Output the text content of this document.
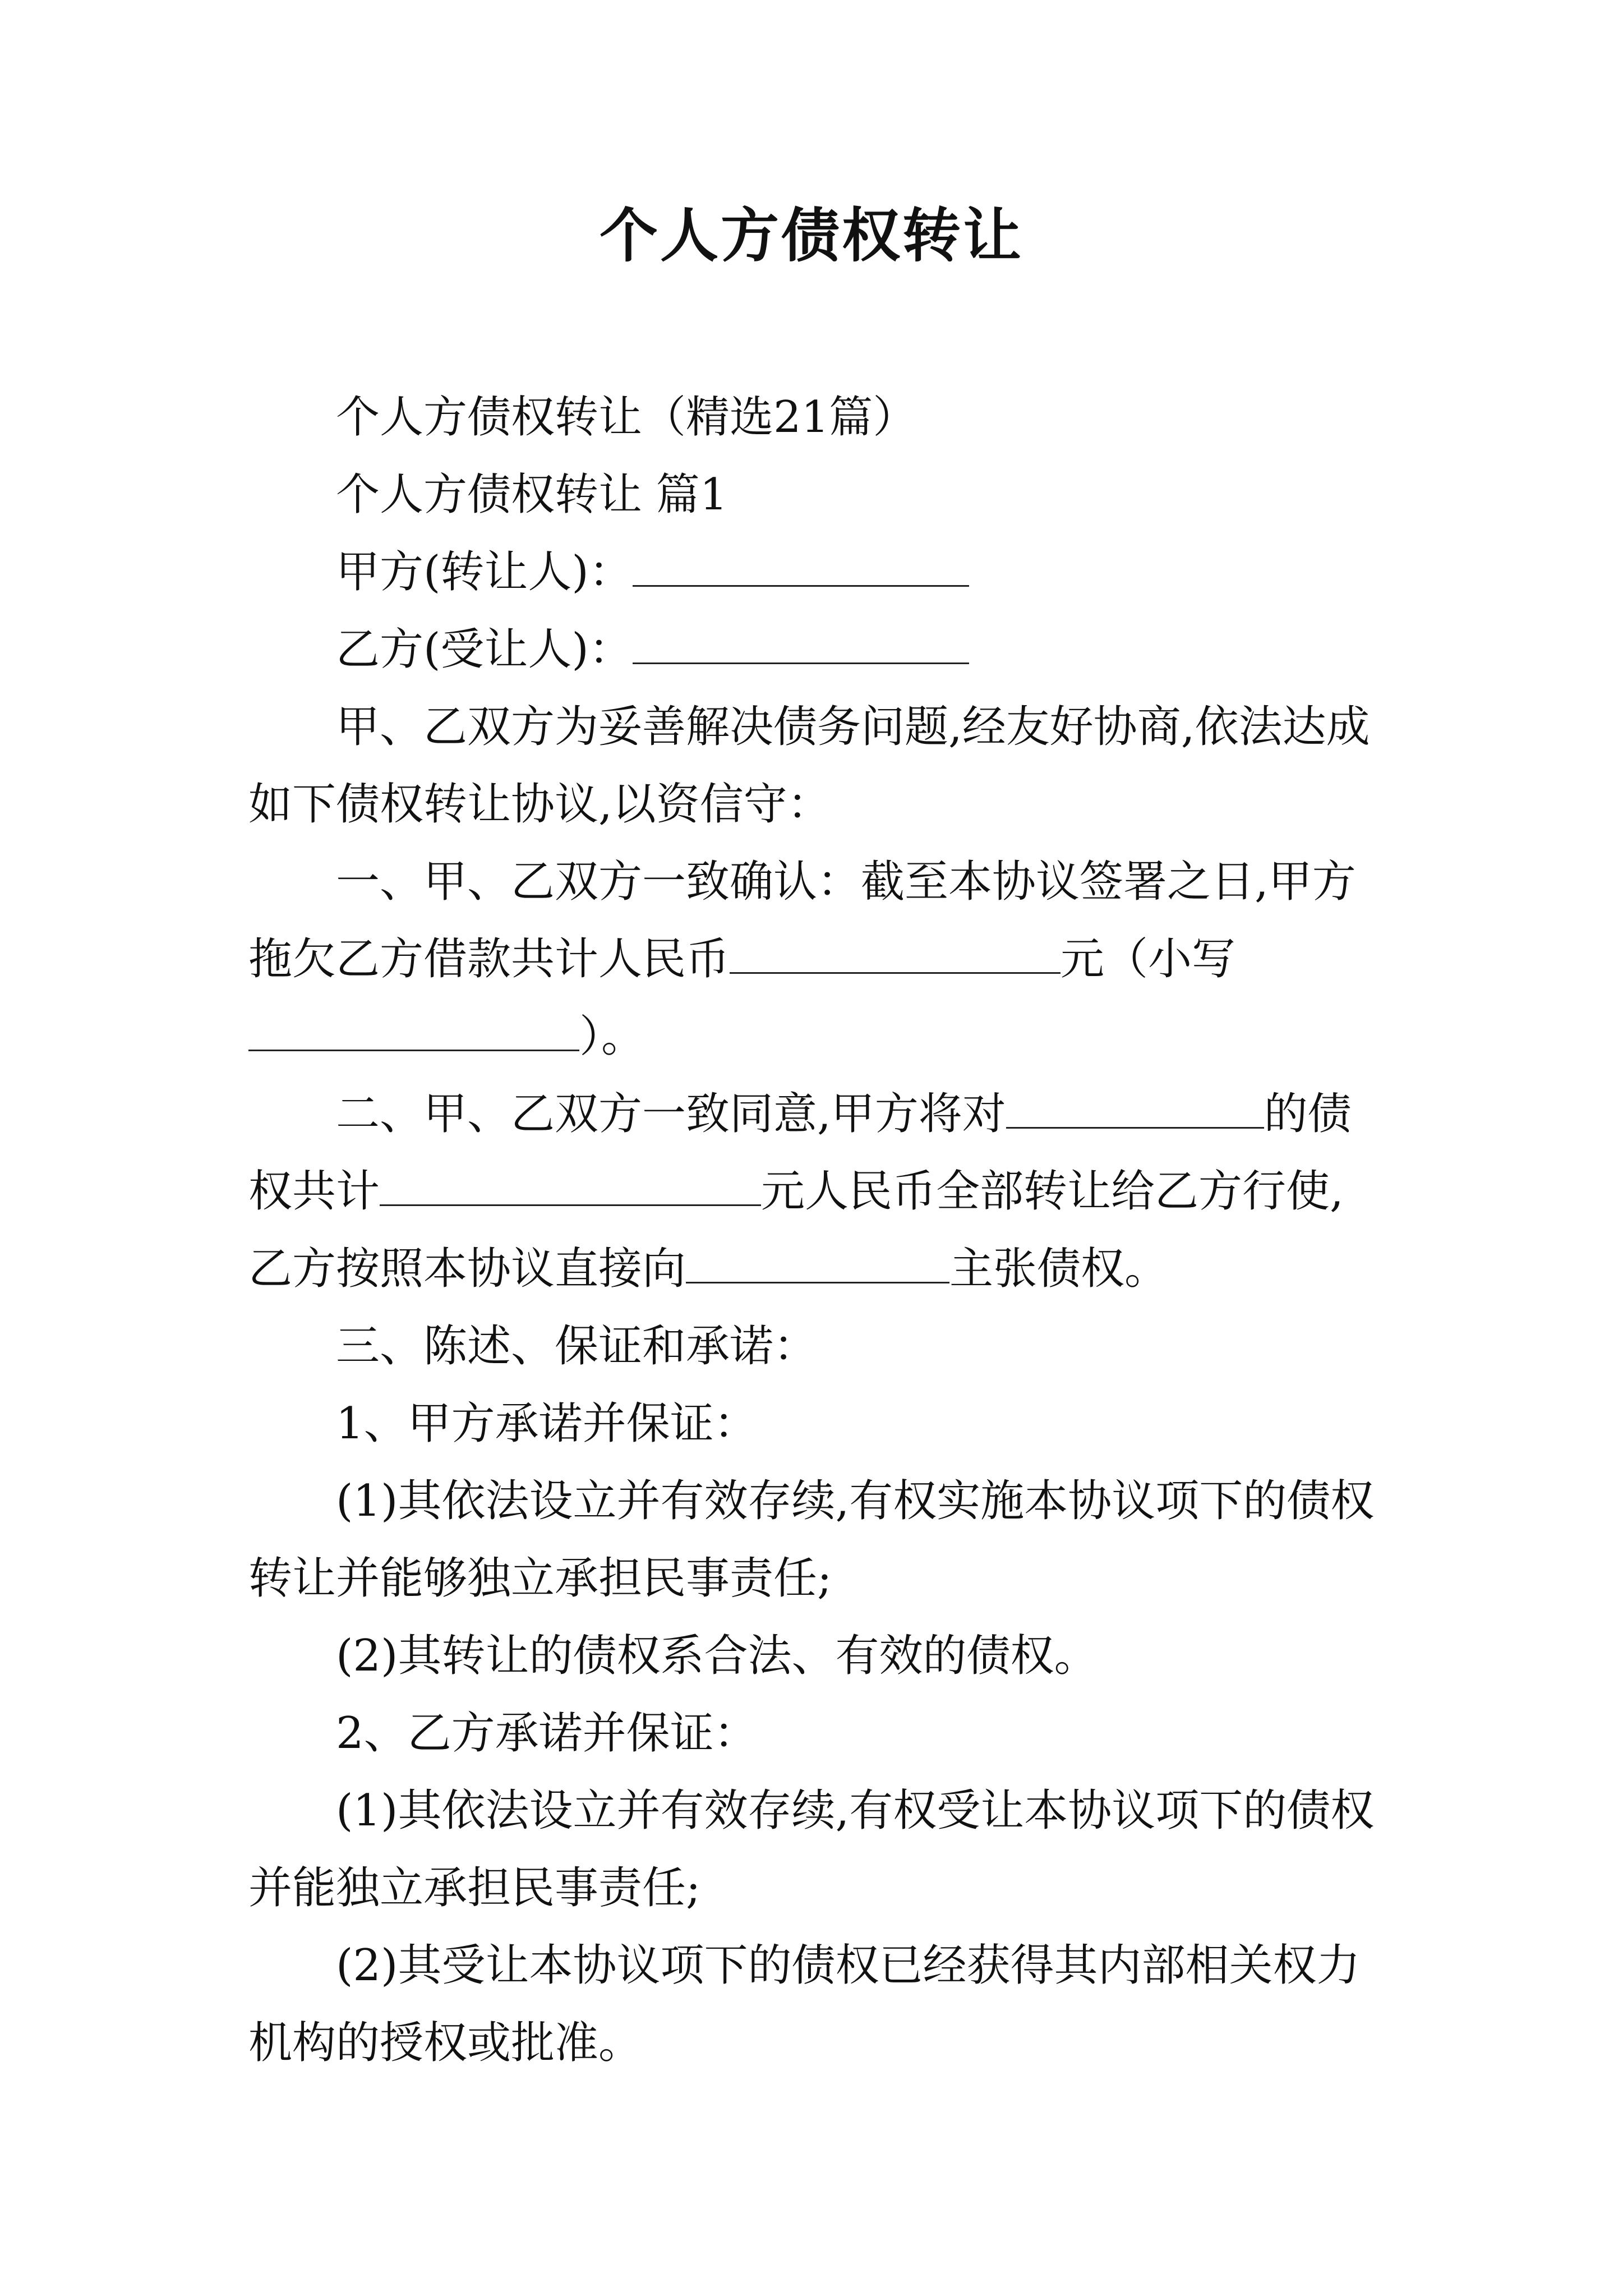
个人方债权转让

个人方债权转让（精选21篇）

个人方债权转让 篇1

甲方(转让人)：

乙方(受让人)：

甲、乙双方为妥善解决债务问题,经友好协商,依法达成如下债权转让协议,以资信守：

一、甲、乙双方一致确认：截至本协议签署之日,甲方拖欠乙方借款共计人民币	元（小写
）。

二、甲、乙双方一致同意,甲方将对	的债权共计	元人民币全部转让给乙方行使,乙方按照本协议直接向	主张债权。

三、陈述、保证和承诺：

1、甲方承诺并保证：

(1)其依法设立并有效存续,有权实施本协议项下的债权转让并能够独立承担民事责任;

(2)其转让的债权系合法、有效的债权。

2、乙方承诺并保证：

(1)其依法设立并有效存续,有权受让本协议项下的债权并能独立承担民事责任;

(2)其受让本协议项下的债权已经获得其内部相关权力机构的授权或批准。
